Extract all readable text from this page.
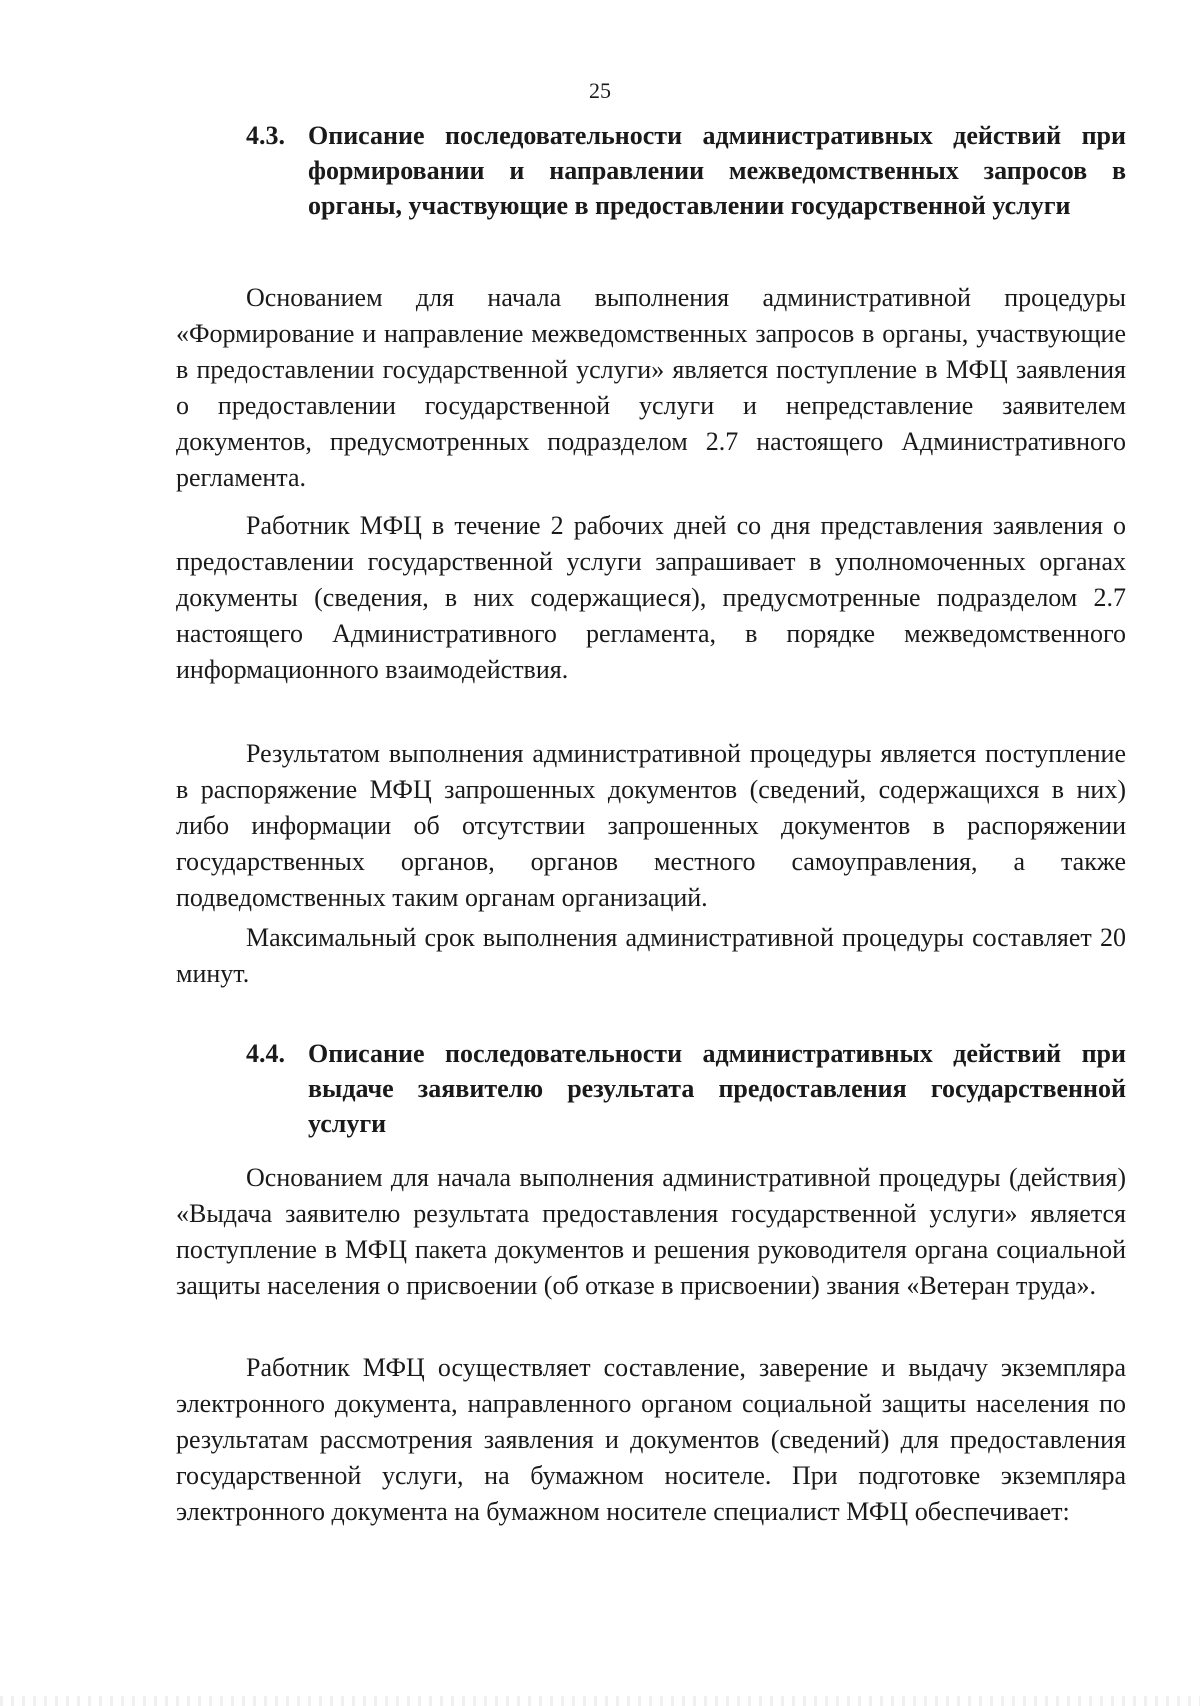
25
4.3. Описание последовательности административных действий при формировании и направлении межведомственных запросов в органы, участвующие в предоставлении государственной услуги

Основанием для начала выполнения административной процедуры «Формирование и направление межведомственных запросов в органы, участвующие в предоставлении государственной услуги» является поступление в МФЦ заявления о предоставлении государственной услуги и непредставление заявителем документов, предусмотренных подразделом 2.7 настоящего Административного регламента.

Работник МФЦ в течение 2 рабочих дней со дня представления заявления о предоставлении государственной услуги запрашивает в уполномоченных органах документы (сведения, в них содержащиеся), предусмотренные подразделом 2.7 настоящего Административного регламента, в порядке межведомственного информационного взаимодействия.

Результатом выполнения административной процедуры является поступление в распоряжение МФЦ запрошенных документов (сведений, содержащихся в них) либо информации об отсутствии запрошенных документов в распоряжении государственных органов, органов местного самоуправления, а также подведомственных таким органам организаций.

Максимальный срок выполнения административной процедуры составляет 20 минут.

4.4. Описание последовательности административных действий при выдаче заявителю результата предоставления государственной услуги

Основанием для начала выполнения административной процедуры (действия) «Выдача заявителю результата предоставления государственной услуги» является поступление в МФЦ пакета документов и решения руководителя органа социальной защиты населения о присвоении (об отказе в присвоении) звания «Ветеран труда».

Работник МФЦ осуществляет составление, заверение и выдачу экземпляра электронного документа, направленного органом социальной защиты населения по результатам рассмотрения заявления и документов (сведений) для предоставления государственной услуги, на бумажном носителе. При подготовке экземпляра электронного документа на бумажном носителе специалист МФЦ обеспечивает:
